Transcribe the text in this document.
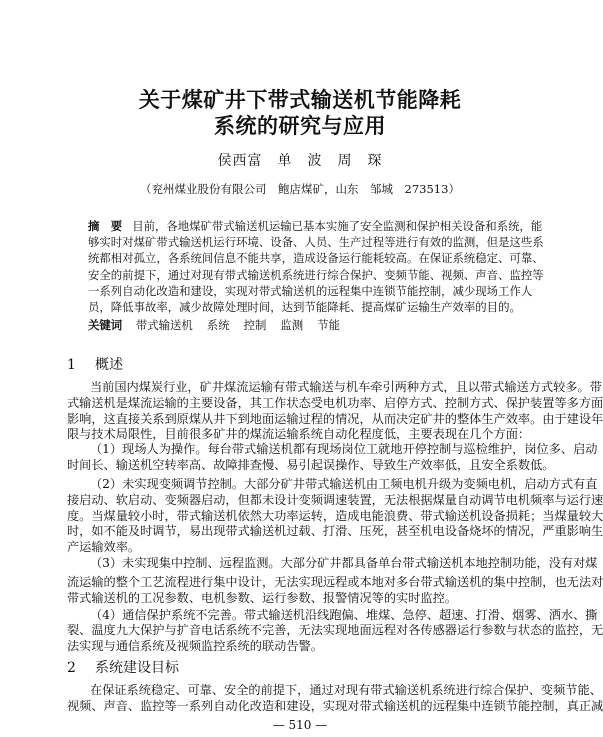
关于煤矿井下带式输送机节能降耗
系统的研究与应用
侯西富　单　波　周　琛
（兖州煤业股份有限公司　鲍店煤矿，山东　邹城　273513）
摘　要 目前，各地煤矿带式输送机运输已基本实施了安全监测和保护相关设备和系统，能
够实时对煤矿带式输送机运行环境、设备、人员、生产过程等进行有效的监测，但是这些系
统都相对孤立，各系统间信息不能共享，造成设备运行能耗较高。在保证系统稳定、可靠、
安全的前提下，通过对现有带式输送机系统进行综合保护、变频节能、视频、声音、监控等
一系列自动化改造和建设，实现对带式输送机的远程集中连锁节能控制，减少现场工作人
员，降低事故率，减少故障处理时间，达到节能降耗、提高煤矿运输生产效率的目的。
关键词 带式输送机 系统 控制 监测 节能
1 概述
当前国内煤炭行业，矿井煤流运输有带式输送与机车牵引两种方式，且以带式输送方式较多。带
式输送机是煤流运输的主要设备，其工作状态受电机功率、启停方式、控制方式、保护装置等多方面
影响，这直接关系到原煤从井下到地面运输过程的情况，从而决定矿井的整体生产效率。由于建设年
限与技术局限性，目前很多矿井的煤流运输系统自动化程度低，主要表现在几个方面：
（1）现场人为操作。每台带式输送机都有现场岗位工就地开停控制与巡检维护，岗位多、启动
时间长、输送机空转率高、故障排查慢、易引起误操作、导致生产效率低，且安全系数低。
（2）未实现变频调节控制。大部分矿井带式输送机由工频电机升级为变频电机，启动方式有直
接启动、软启动、变频器启动，但都未设计变频调速装置，无法根据煤量自动调节电机频率与运行速
度。当煤量较小时，带式输送机依然大功率运转，造成电能浪费、带式输送机设备损耗；当煤量较大
时，如不能及时调节，易出现带式输送机过载、打滑、压死，甚至机电设备烧坏的情况，严重影响生
产运输效率。
（3）未实现集中控制、远程监测。大部分矿井都具备单台带式输送机本地控制功能，没有对煤
流运输的整个工艺流程进行集中设计，无法实现远程或本地对多台带式输送机的集中控制，也无法对
带式输送机的工况参数、电机参数、运行参数、报警情况等的实时监控。
（4）通信保护系统不完善。带式输送机沿线跑偏、堆煤、急停、超速、打滑、烟雾、洒水、撕
裂、温度九大保护与扩音电话系统不完善，无法实现地面远程对各传感器运行参数与状态的监控，无
法实现与通信系统及视频监控系统的联动告警。
2 系统建设目标
在保证系统稳定、可靠、安全的前提下，通过对现有带式输送机系统进行综合保护、变频节能、
视频、声音、监控等一系列自动化改造和建设，实现对带式输送机的远程集中连锁节能控制，真正减
— 510 —
